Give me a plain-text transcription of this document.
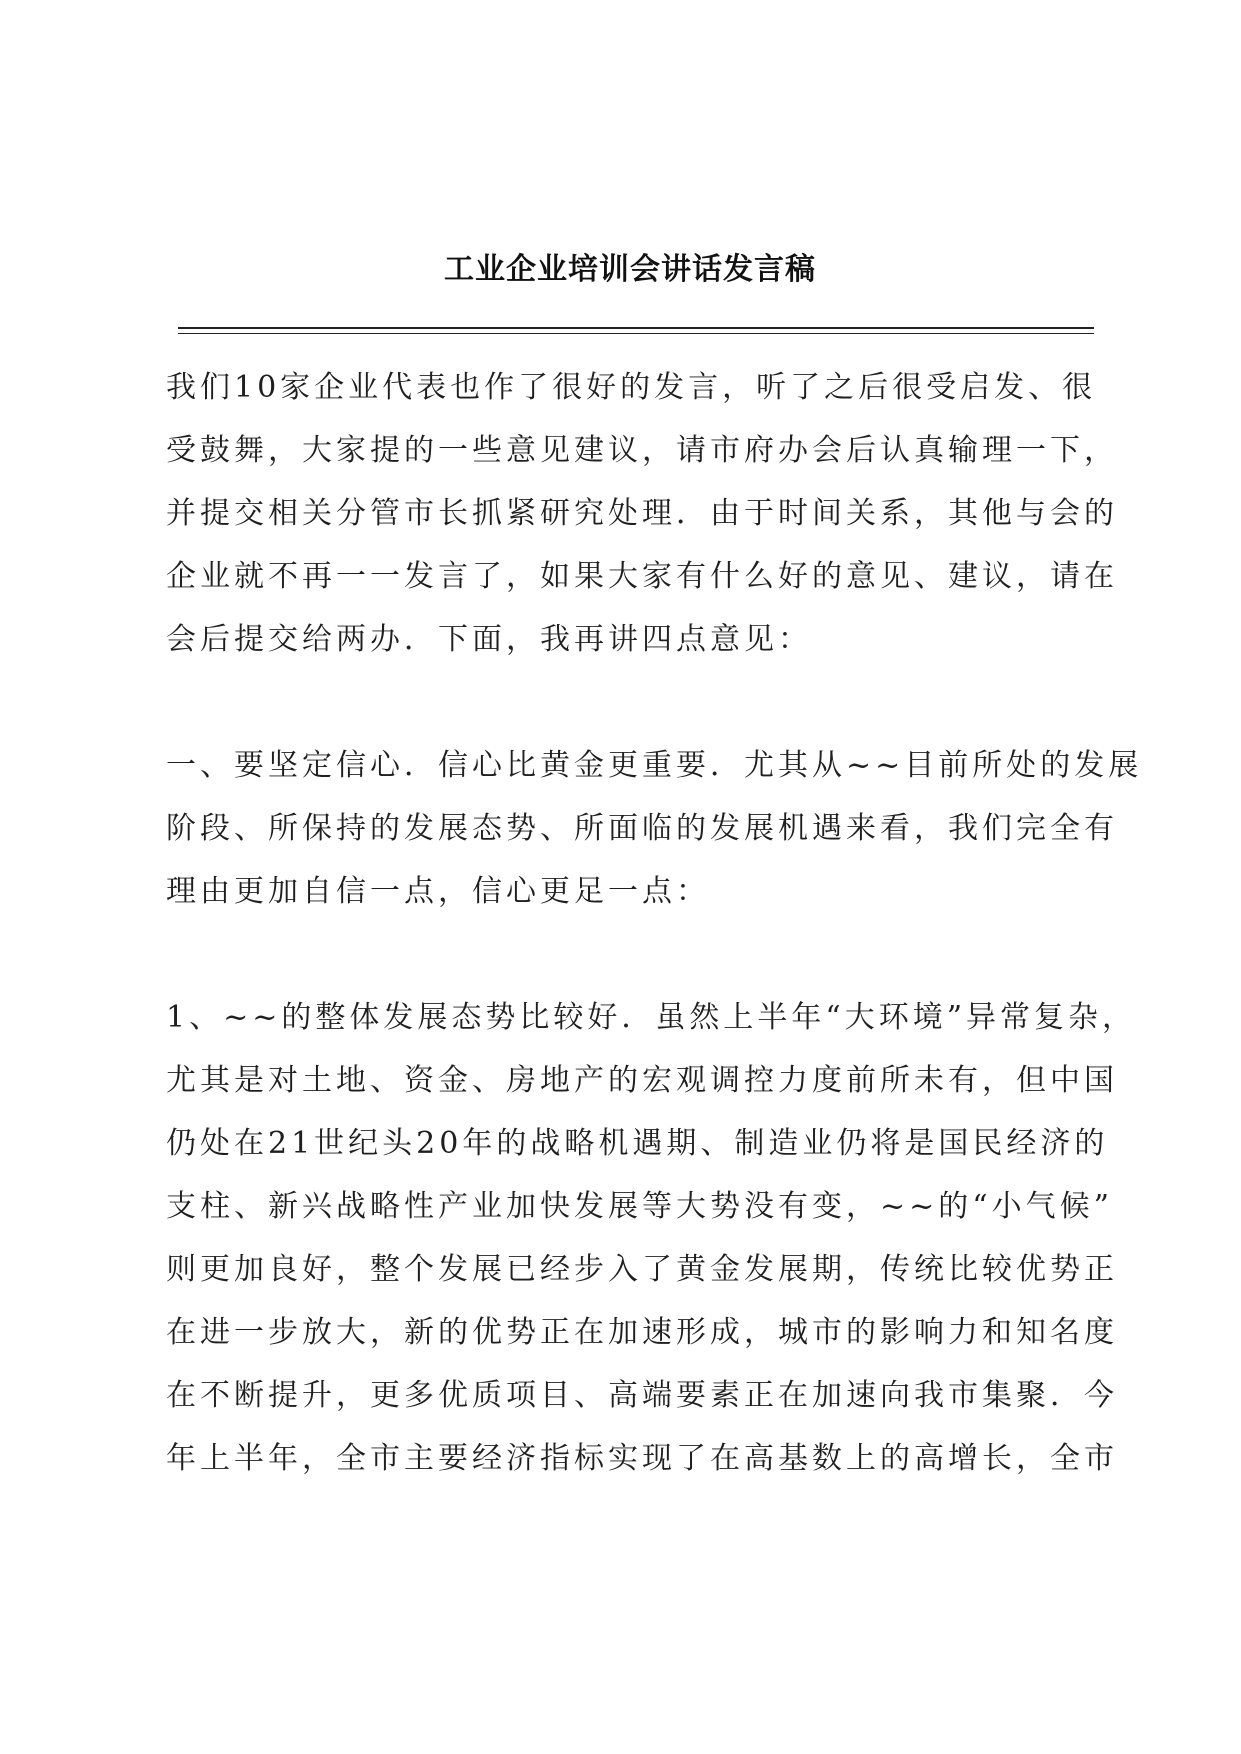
工业企业培训会讲话发言稿
我们10家企业代表也作了很好的发言，听了之后很受启发、很
受鼓舞，大家提的一些意见建议，请市府办会后认真输理一下，
并提交相关分管市长抓紧研究处理．由于时间关系，其他与会的
企业就不再一一发言了，如果大家有什么好的意见、建议，请在
会后提交给两办．下面，我再讲四点意见：
一、要坚定信心．信心比黄金更重要．尤其从~~目前所处的发展
阶段、所保持的发展态势、所面临的发展机遇来看，我们完全有
理由更加自信一点，信心更足一点：
1、~~的整体发展态势比较好．虽然上半年“大环境”异常复杂，
尤其是对土地、资金、房地产的宏观调控力度前所未有，但中国
仍处在21世纪头20年的战略机遇期、制造业仍将是国民经济的
支柱、新兴战略性产业加快发展等大势没有变，~~的“小气候”
则更加良好，整个发展已经步入了黄金发展期，传统比较优势正
在进一步放大，新的优势正在加速形成，城市的影响力和知名度
在不断提升，更多优质项目、高端要素正在加速向我市集聚．今
年上半年，全市主要经济指标实现了在高基数上的高增长，全市
